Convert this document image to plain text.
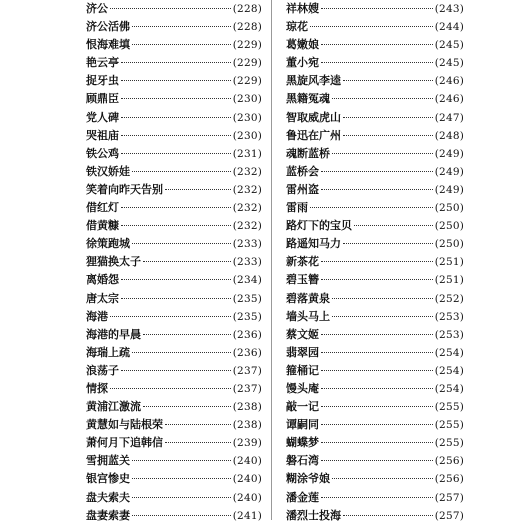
济公	(228)
济公活佛	(228)
恨海难填	(229)
艳云亭	(229)
捉牙虫	(229)
顾鼎臣	(230)
党人碑	(230)
哭祖庙	(230)
铁公鸡	(231)
铁汉娇娃	(232)
笑着向昨天告别	(232)
借红灯	(232)
借黄糠	(232)
徐策跑城	(233)
狸猫换太子	(233)
离婚怨	(234)
唐太宗	(235)
海港	(235)
海港的早晨	(236)
海瑞上疏	(236)
浪荡子	(237)
情探	(237)
黄浦江激流	(238)
黄慧如与陆根荣	(238)
萧何月下追韩信	(239)
雪拥蓝关	(240)
银宫惨史	(240)
盘夫索夫	(240)
盘妻索妻	(241)
祥林嫂	(243)
琼花	(244)
葛嫩娘	(245)
董小宛	(245)
黑旋风李逵	(246)
黑籍冤魂	(246)
智取威虎山	(247)
鲁迅在广州	(248)
魂断蓝桥	(249)
蓝桥会	(249)
雷州盗	(249)
雷雨	(250)
路灯下的宝贝	(250)
路遥知马力	(250)
新茶花	(251)
碧玉簪	(251)
碧落黄泉	(252)
墙头马上	(253)
蔡文姬	(253)
翡翠园	(254)
箍桶记	(254)
馒头庵	(254)
敲一记	(255)
谭嗣同	(255)
蝴蝶梦	(255)
磐石湾	(256)
糊涂爷娘	(256)
潘金莲	(257)
潘烈士投海	(257)
